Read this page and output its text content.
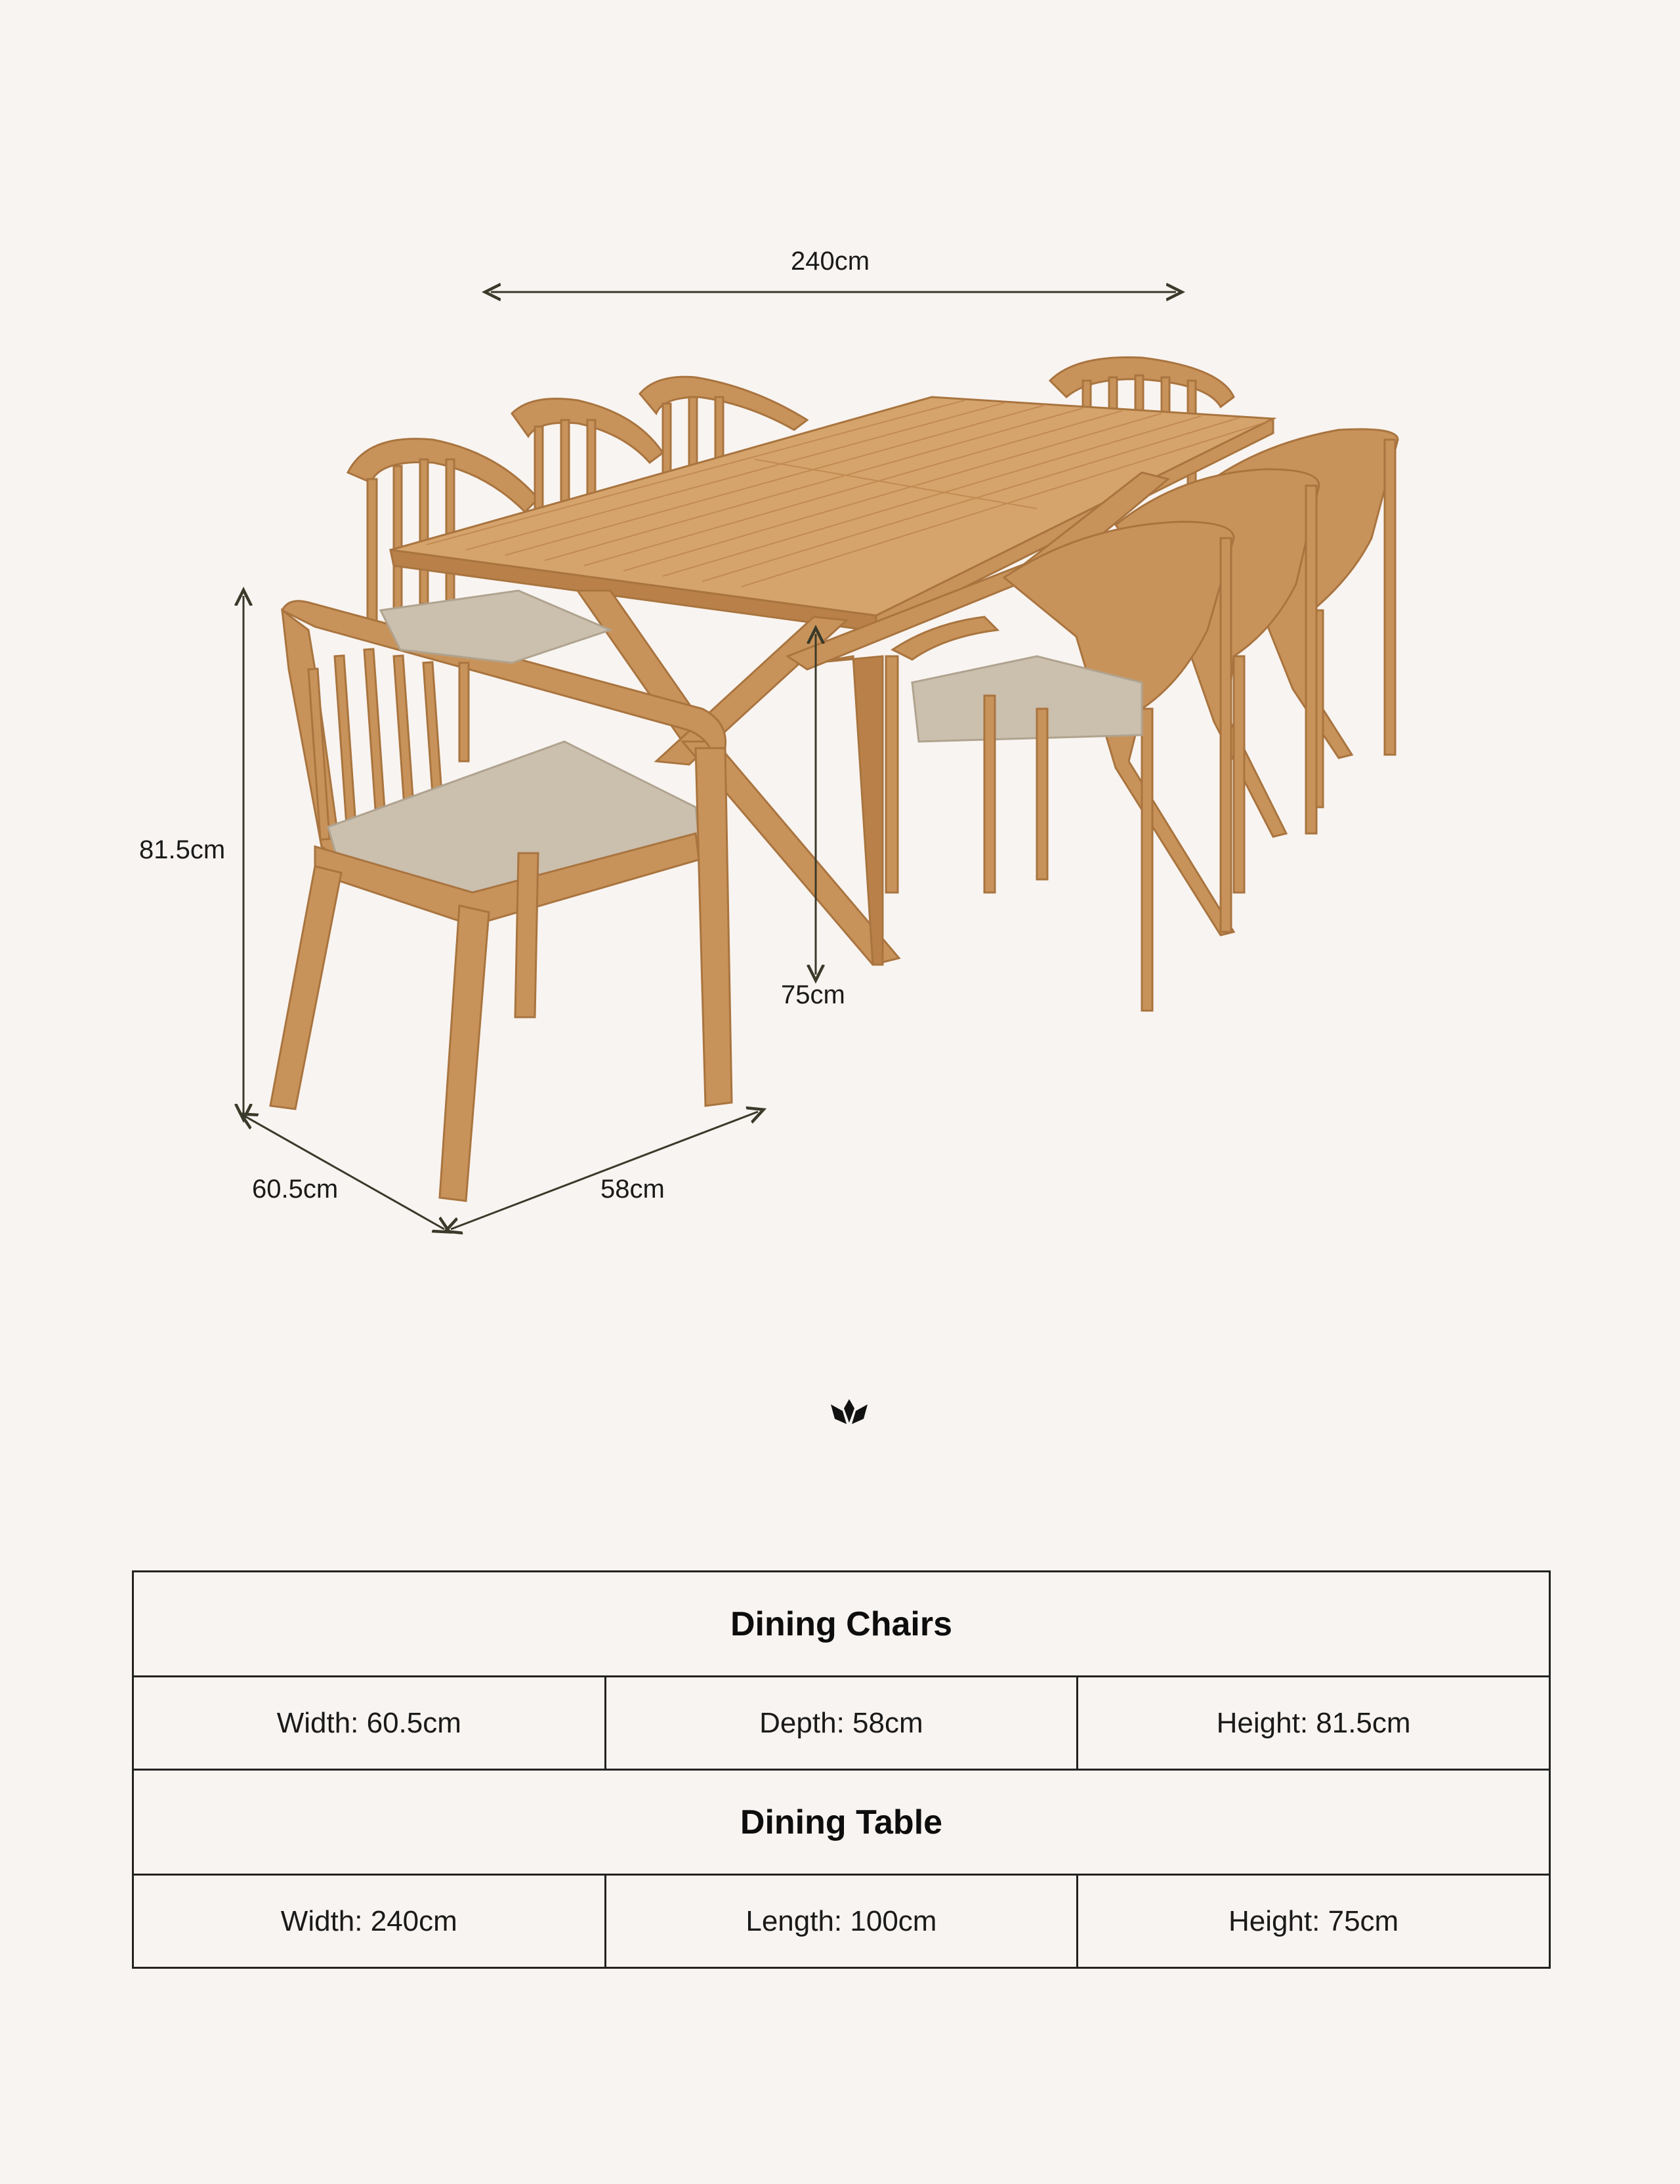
240cm
81.5cm
75cm
60.5cm	58cm
Dining Chairs		
Width: 60.5cm	Depth: 58cm	Height: 81.5cm
Dining Table		
Width: 240cm	Length: 100cm	Height: 75cm
